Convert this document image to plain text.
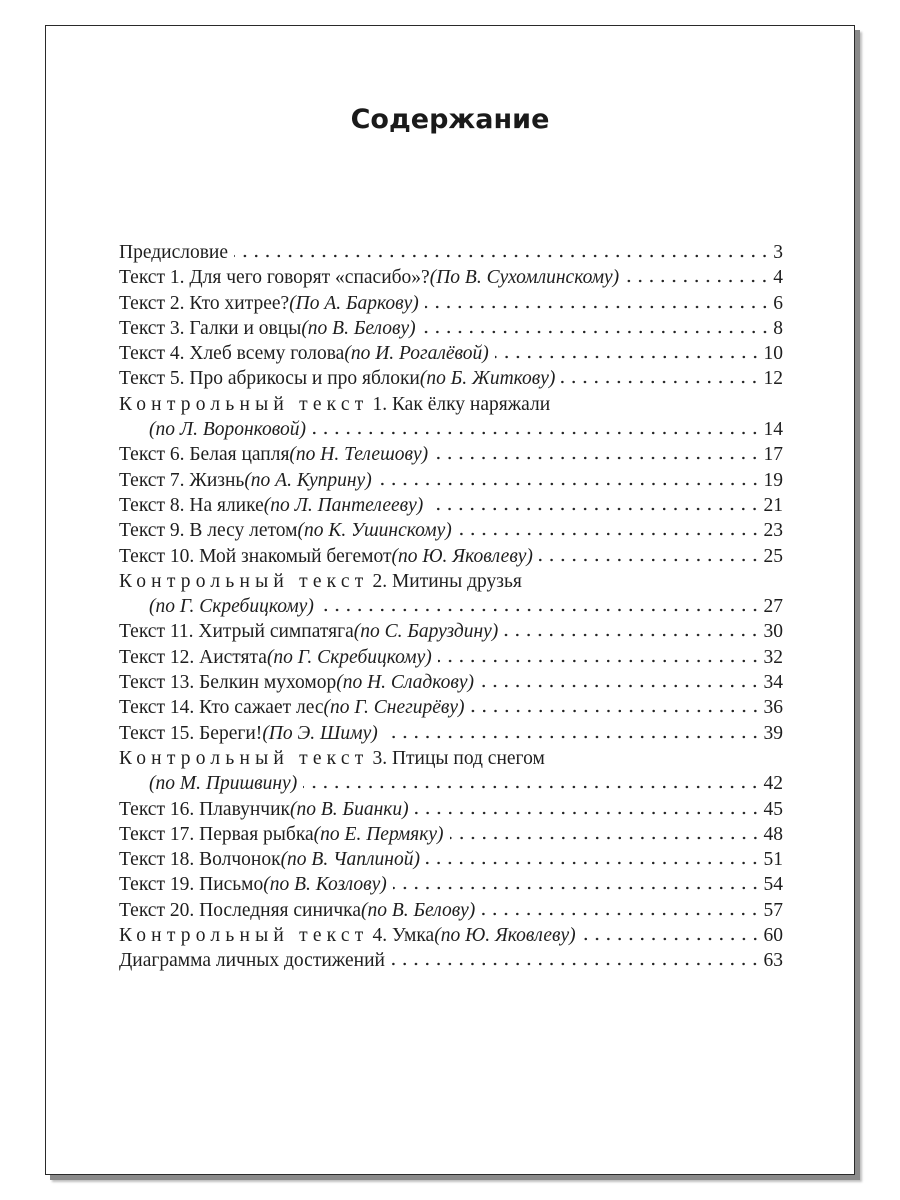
Содержание
Предисловие	3
Текст 1. Для чего говорят «спасибо»? (По В. Сухомлинскому)	4
Текст 2. Кто хитрее? (По А. Баркову)	6
Текст 3. Галки и овцы (по В. Белову)	8
Текст 4. Хлеб всему голова (по И. Рогалёвой)	10
Текст 5. Про абрикосы и про яблоки (по Б. Житкову)	12
Контрольный текст 1. Как ёлку наряжали
(по Л. Воронковой)	14
Текст 6. Белая цапля (по Н. Телешову)	17
Текст 7. Жизнь (по А. Куприну)	19
Текст 8. На ялике (по Л. Пантелееву)	21
Текст 9. В лесу летом (по К. Ушинскому)	23
Текст 10. Мой знакомый бегемот (по Ю. Яковлеву)	25
Контрольный текст 2. Митины друзья
(по Г. Скребицкому)	27
Текст 11. Хитрый симпатяга (по С. Баруздину)	30
Текст 12. Аистята (по Г. Скребицкому)	32
Текст 13. Белкин мухомор (по Н. Сладкову)	34
Текст 14. Кто сажает лес (по Г. Снегирёву)	36
Текст 15. Береги! (По Э. Шиму)	39
Контрольный текст 3. Птицы под снегом
(по М. Пришвину)	42
Текст 16. Плавунчик (по В. Бианки)	45
Текст 17. Первая рыбка (по Е. Пермяку)	48
Текст 18. Волчонок (по В. Чаплиной)	51
Текст 19. Письмо (по В. Козлову)	54
Текст 20. Последняя синичка (по В. Белову)	57
Контрольный текст 4. Умка (по Ю. Яковлеву)	60
Диаграмма личных достижений	63
